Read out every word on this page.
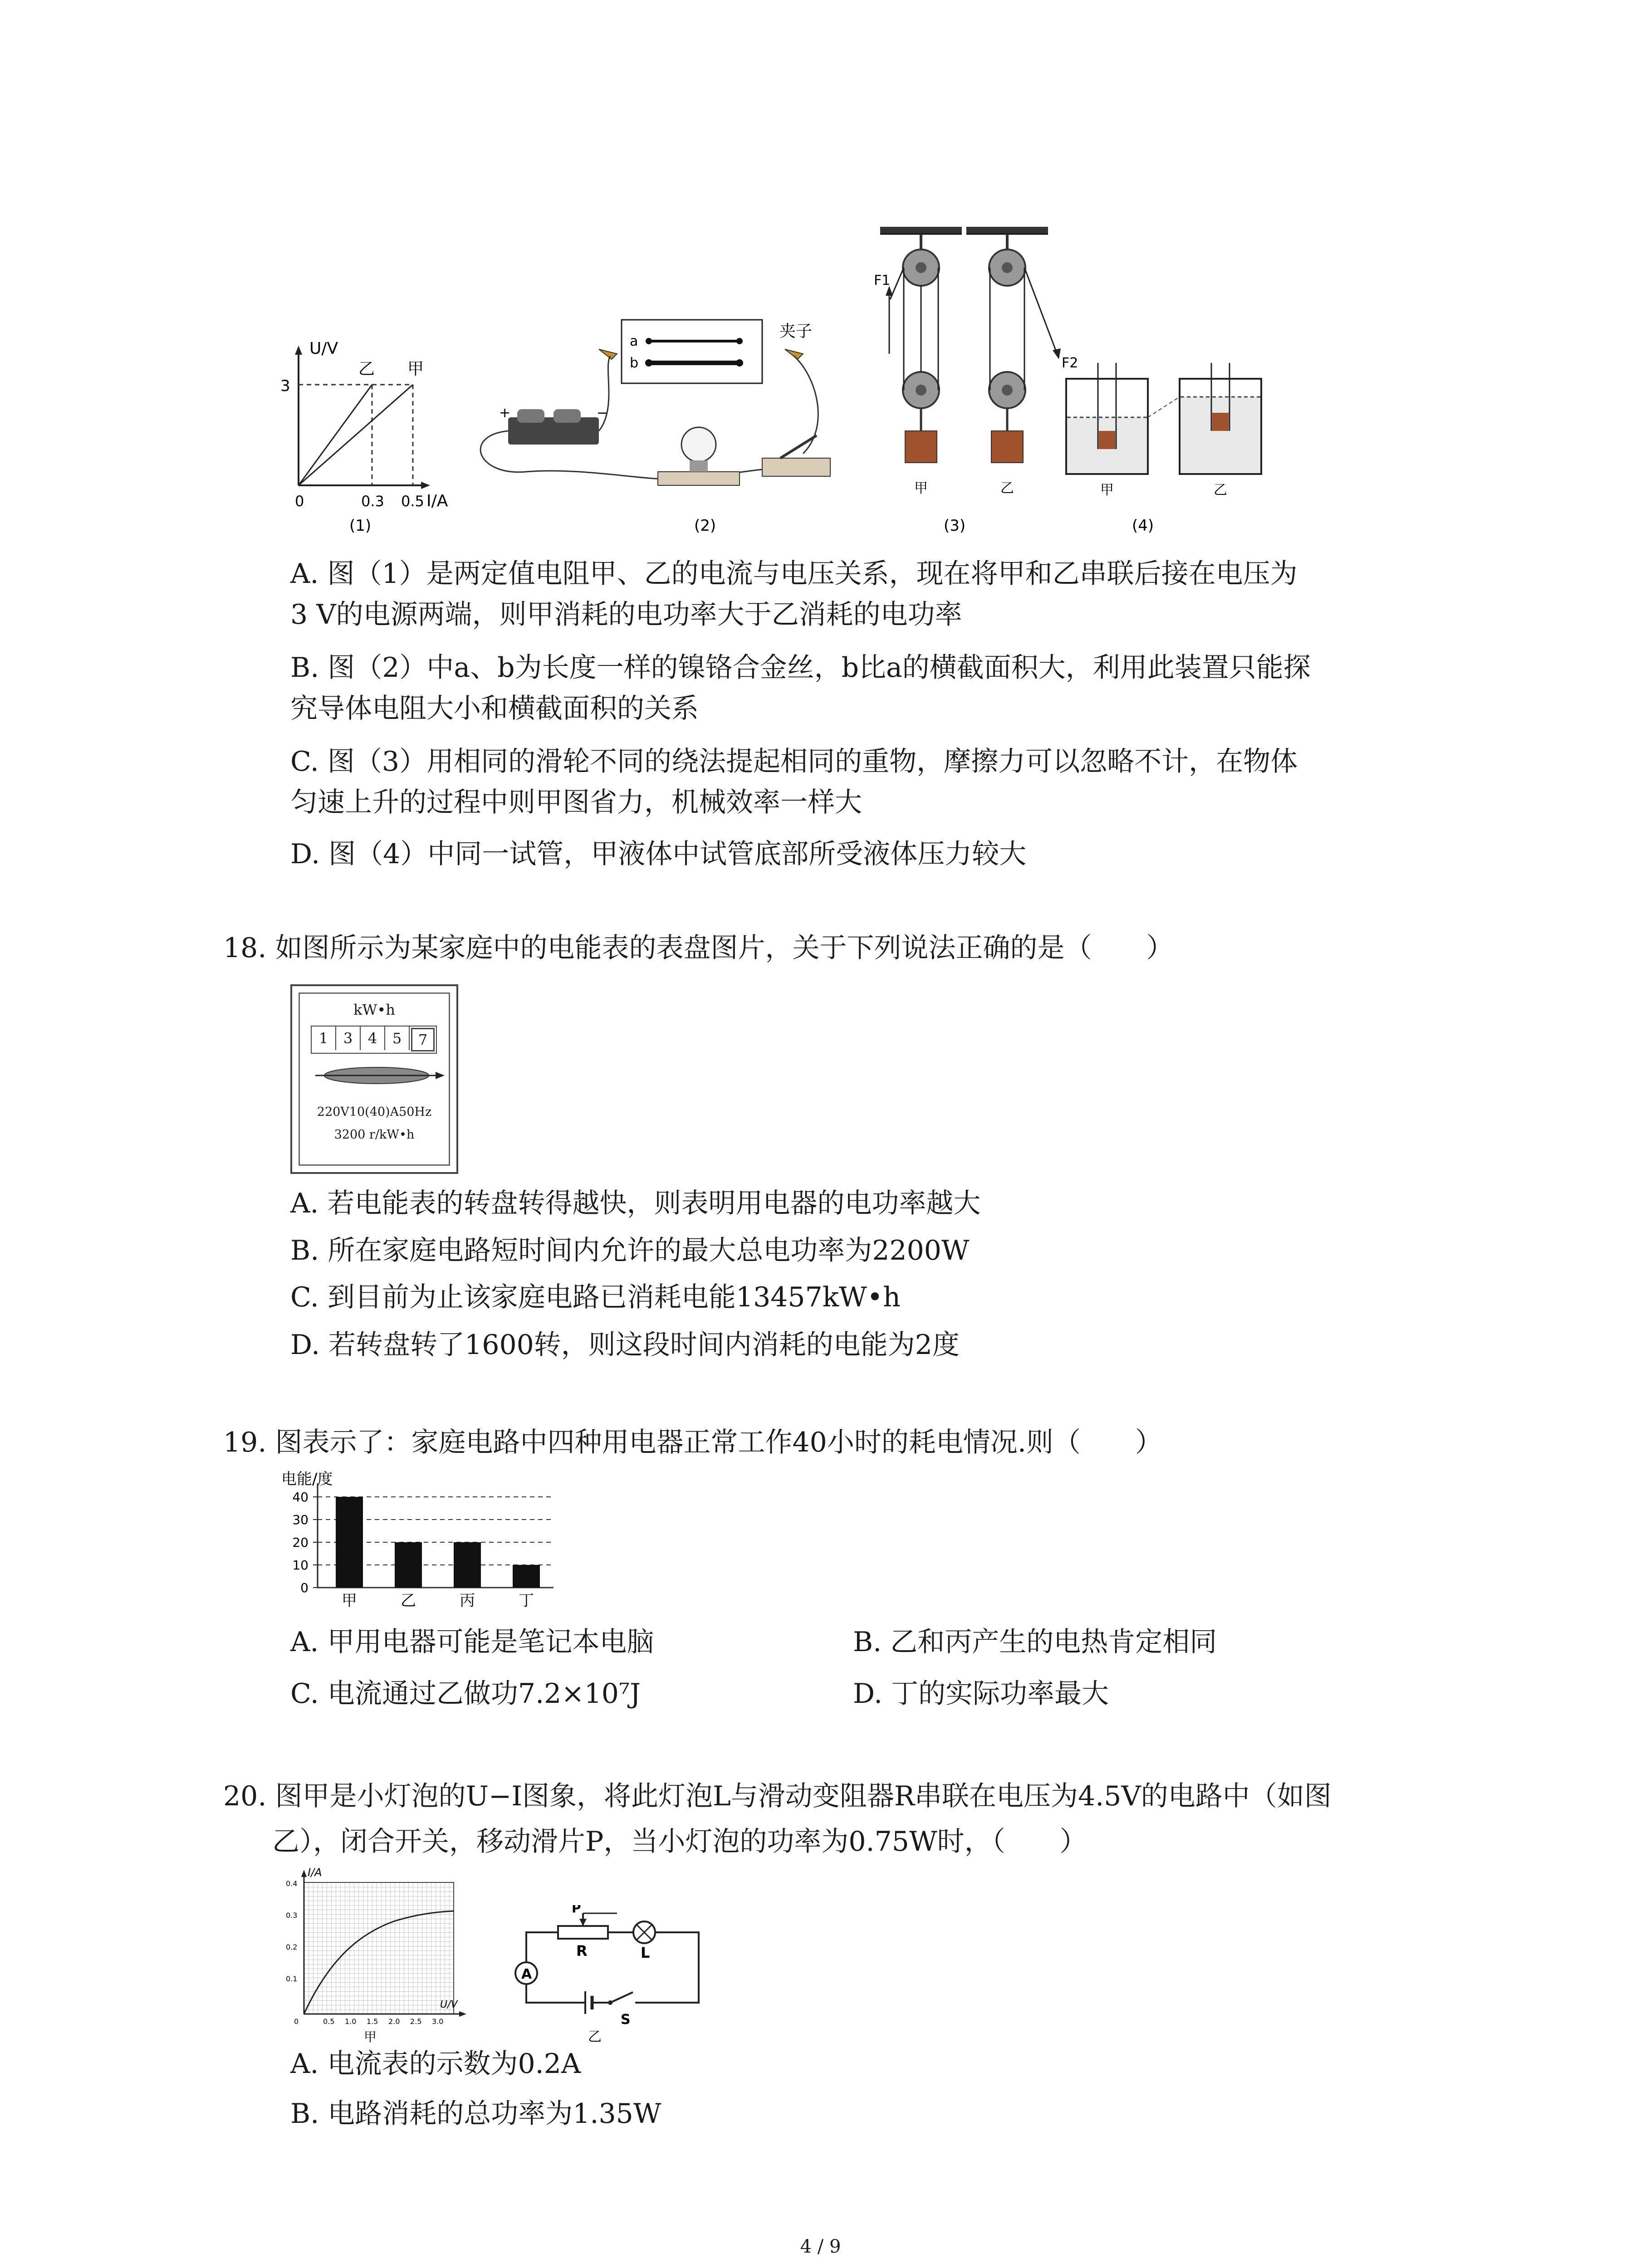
U/V
3
乙 甲
0	0.3 0.5 I/A
(1)
a
b
夹子
+	−
(2)
F1
F2
甲	乙
(3)
甲	乙
(4)
A. 图（1）是两定值电阻甲、乙的电流与电压关系，现在将甲和乙串联后接在电压为
3 V的电源两端，则甲消耗的电功率大于乙消耗的电功率
B. 图（2）中a、b为长度一样的镍铬合金丝，b比a的横截面积大，利用此装置只能探
究导体电阻大小和横截面积的关系
C. 图（3）用相同的滑轮不同的绕法提起相同的重物，摩擦力可以忽略不计，在物体
匀速上升的过程中则甲图省力，机械效率一样大
D. 图（4）中同一试管，甲液体中试管底部所受液体压力较大
18. 如图所示为某家庭中的电能表的表盘图片，关于下列说法正确的是（　　）
kW•h
1	3	4	5	7
220V10(40)A50Hz
3200 r/kW•h
A. 若电能表的转盘转得越快，则表明用电器的电功率越大
B. 所在家庭电路短时间内允许的最大总电功率为2200W
C. 到目前为止该家庭电路已消耗电能13457kW•h
D. 若转盘转了1600转，则这段时间内消耗的电能为2度
19. 图表示了：家庭电路中四种用电器正常工作40小时的耗电情况.则（　　）
电能/度
0
10
20
30
40
甲	乙	丙	丁
A. 甲用电器可能是笔记本电脑	B. 乙和丙产生的电热肯定相同
C. 电流通过乙做功7.2×10⁷J	D. 丁的实际功率最大
20. 图甲是小灯泡的U−I图象，将此灯泡L与滑动变阻器R串联在电压为4.5V的电路中（如图
乙），闭合开关，移动滑片P，当小灯泡的功率为0.75W时，（　　）
I/A
0.4
0.3
0.2
0.1
U/V
0	0.5 1.0 1.5 2.0 2.5 3.0
甲
A
P
R	L
S
乙
A. 电流表的示数为0.2A
B. 电路消耗的总功率为1.35W
4 / 9
